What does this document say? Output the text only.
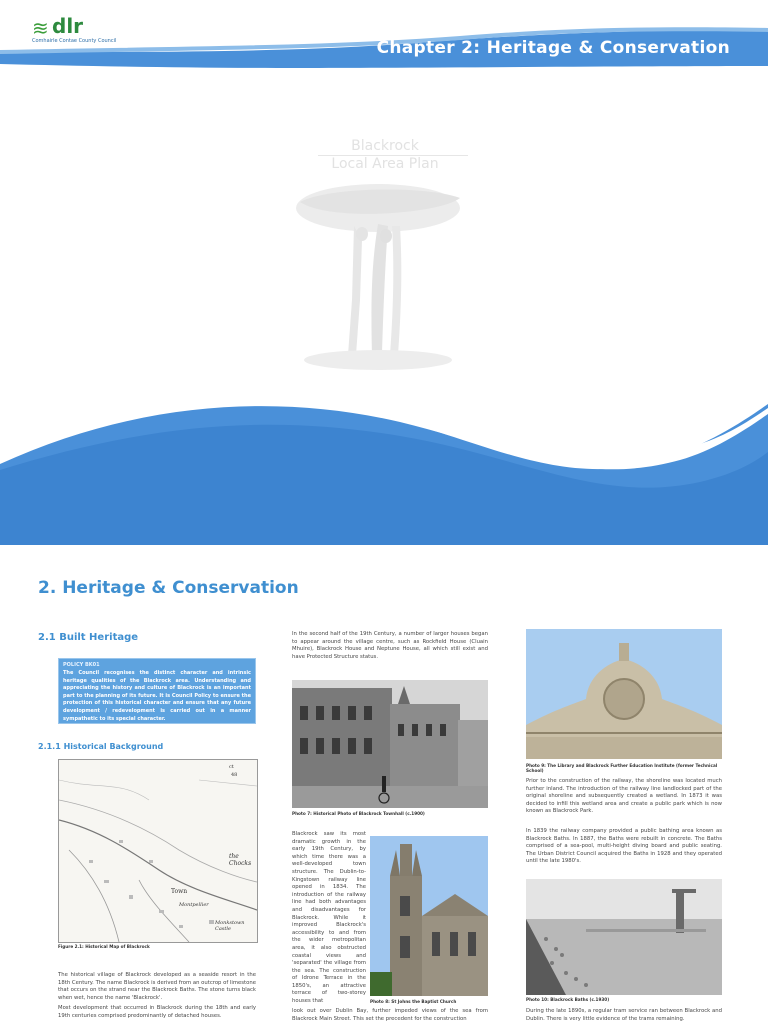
≋ dlr
Comhairle Contae County Council	Chapter 2: Heritage & Conservation
Blackrock
Local Area Plan
2. Heritage & Conservation
2.1 Built Heritage
POLICY BK01
The Council recognises the distinct character and intrinsic heritage qualities of the Blackrock area. Understanding and appreciating the history and culture of Blackrock is an important part to the planning of its future. It is Council Policy to ensure the protection of this historical character and ensure that any future development / redevelopment is carried out in a manner sympathetic to its special character.
2.1.1 Historical Background
ct
48
the Chocks
Town
Montpellier
Monkstown Castle
Figure 2.1: Historical Map of Blackrock
The historical village of Blackrock developed as a seaside resort in the 18th Century. The name Blackrock is derived from an outcrop of limestone that occurs on the strand near the Blackrock Baths. The stone turns black when wet, hence the name 'Blackrock'.
Most development that occurred in Blackrock during the 18th and early 19th centuries comprised predominantly of detached houses.
In the second half of the 19th Century, a number of larger houses began to appear around the village centre, such as Rockfield House (Cluain Mhuire), Blackrock House and Neptune House, all which still exist and have Protected Structure status.
Photo 7: Historical Photo of Blackrock Townhall (c.1900)
Blackrock saw its most dramatic growth in the early 19th Century, by which time there was a well-developed town structure. The Dublin-to-Kingstown railway line opened in 1834. The introduction of the railway line had both advantages and disadvantages for Blackrock. While it improved Blackrock's accessibility to and from the wider metropolitan area, it also obstructed coastal views and 'separated' the village from the sea. The construction of Idrone Terrace in the 1850's, an attractive terrace of two-storey houses that	Photo 8: St Johns the Baptist Church
look out over Dublin Bay, further impeded views of the sea from Blackrock Main Street. This set the precedent for the construction
Photo 9: The Library and Blackrock Further Education Institute (former Technical School)
Prior to the construction of the railway, the shoreline was located much further inland. The introduction of the railway line landlocked part of the original shoreline and subsequently created a wetland. In 1873 it was decided to infill this wetland area and create a public park which is now known as Blackrock Park.
In 1839 the railway company provided a public bathing area known as Blackrock Baths. In 1887, the Baths were rebuilt in concrete. The Baths comprised of a sea-pool, multi-height diving board and public seating. The Urban District Council acquired the Baths in 1928 and they operated until the late 1980's.
Photo 10: Blackrock Baths (c.1930)
During the late 1890s, a regular tram service ran between Blackrock and Dublin. There is very little evidence of the trams remaining.
